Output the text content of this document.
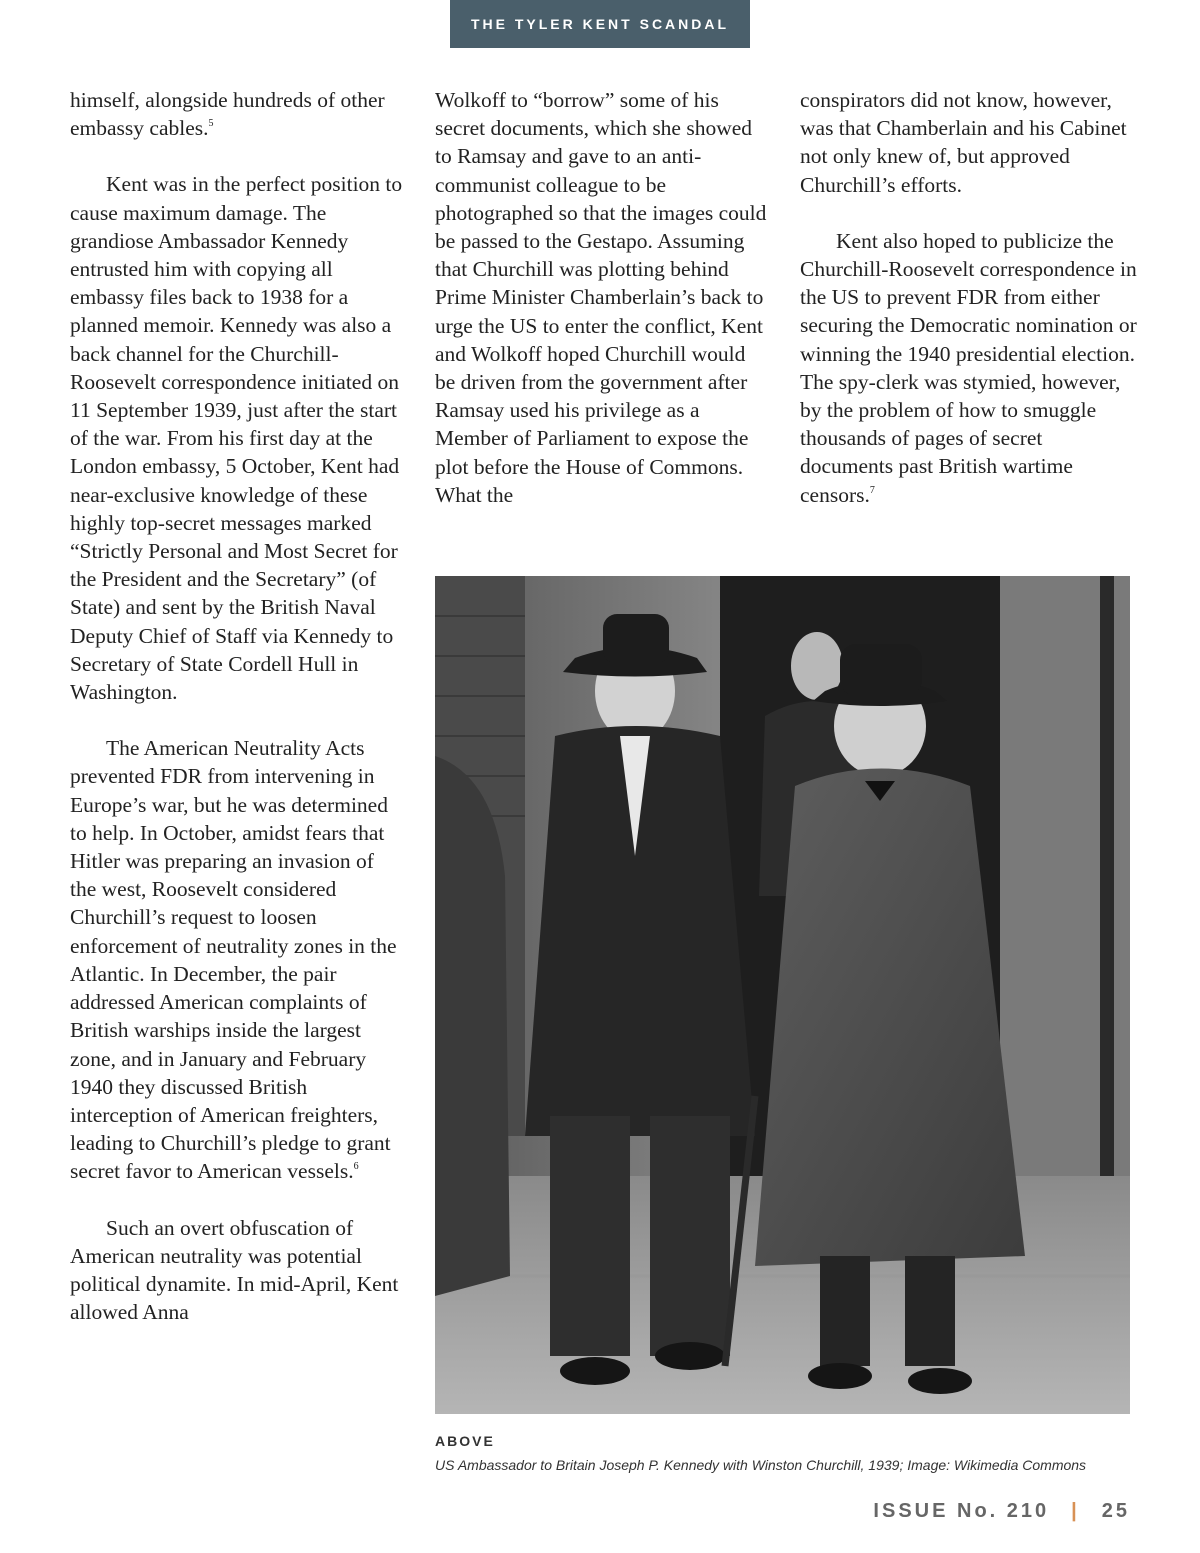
THE TYLER KENT SCANDAL

himself, alongside hundreds of other embassy cables.$^5$

Kent was in the perfect position to cause maximum damage. The grandiose Ambassador Kennedy entrusted him with copying all embassy files back to 1938 for a planned memoir. Kennedy was also a back channel for the Churchill-Roosevelt correspondence initiated on 11 September 1939, just after the start of the war. From his first day at the London embassy, 5 October, Kent had near-exclusive knowledge of these highly top-secret messages marked “Strictly Personal and Most Secret for the President and the Secretary” (of State) and sent by the British Naval Deputy Chief of Staff via Kennedy to Secretary of State Cordell Hull in Washington.

The American Neutrality Acts prevented FDR from intervening in Europe’s war, but he was determined to help. In October, amidst fears that Hitler was preparing an invasion of the west, Roosevelt considered Churchill’s request to loosen enforcement of neutrality zones in the Atlantic. In December, the pair addressed American complaints of British warships inside the largest zone, and in January and February 1940 they discussed British interception of American freighters, leading to Churchill’s pledge to grant secret favor to American vessels.$^6$

Such an overt obfuscation of American neutrality was potential political dynamite. In mid-April, Kent allowed Anna

Wolkoff to “borrow” some of his secret documents, which she showed to Ramsay and gave to an anti-communist colleague to be photographed so that the images could be passed to the Gestapo. Assuming that Churchill was plotting behind Prime Minister Chamberlain’s back to urge the US to enter the conflict, Kent and Wolkoff hoped Churchill would be driven from the government after Ramsay used his privilege as a Member of Parliament to expose the plot before the House of Commons. What the

conspirators did not know, however, was that Chamberlain and his Cabinet not only knew of, but approved Churchill’s efforts.

Kent also hoped to publicize the Churchill-Roosevelt correspondence in the US to prevent FDR from either securing the Democratic nomination or winning the 1940 presidential election. The spy-clerk was stymied, however, by the problem of how to smuggle thousands of pages of secret documents past British wartime censors.$^7$

ABOVE
US Ambassador to Britain Joseph P. Kennedy with Winston Churchill, 1939; Image: Wikimedia Commons
ISSUE No. 210 | 25
